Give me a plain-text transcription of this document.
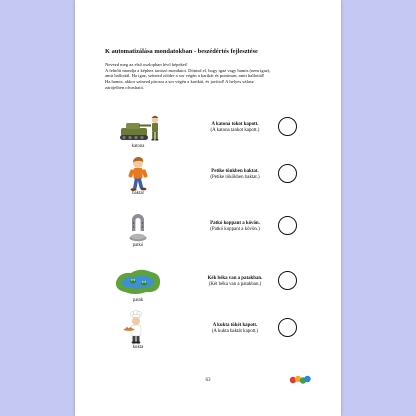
K automatizálása mondatokban - beszédértés fejlesztése

Nevezd meg az első oszlopban lévő képeket!

A felnőtt mondja a képhez tartozó mondatot. Döntsd el, hogy igaz vagy hamis (nem igaz),

amit hallottál. Ha igaz, színezd zöldre a sor végén a karikát és pontosan, amit hallottál!

Ha hamis, akkor színezd pirosra a sor végén a karikát, és javítsd! A helyes válasz

zárójelben olvasható.

katona
A katona tokot kapott.
(A katona tankot kapott.)
baktat
Petike tönkben baktat.
(Petike tökökben baktat.)
patkó
Patkó koppant a kövön.
(Patkó koppant a kövön.)
patak
Kék béka van a patakban.
(Két béka van a patakban.)
kukta
A kukta tökét kapott.
(A kukta baktát kapott.)
63
